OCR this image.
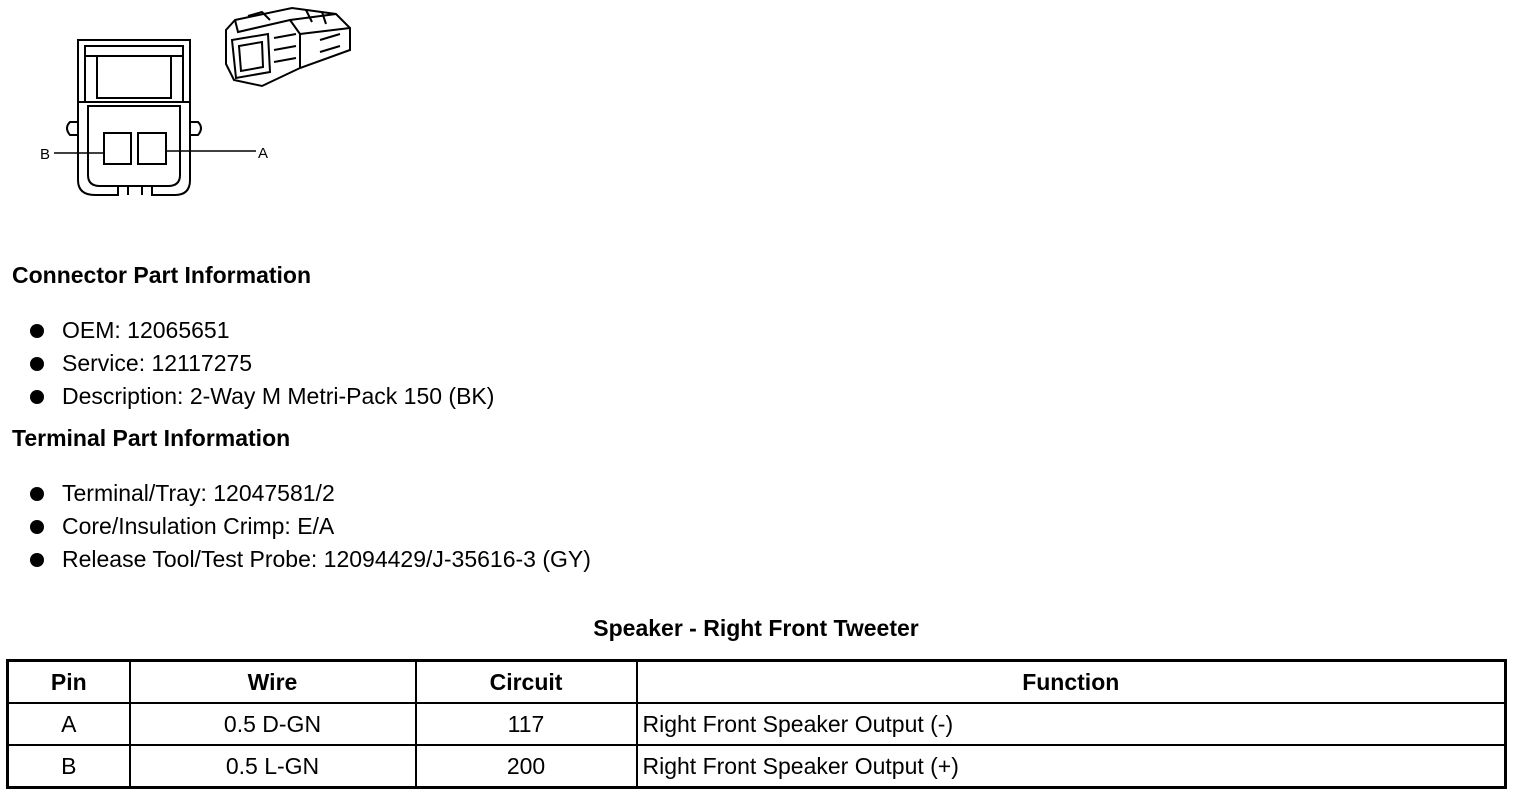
B	A
Connector Part Information
OEM: 12065651
Service: 12117275
Description: 2-Way M Metri-Pack 150 (BK)
Terminal Part Information
Terminal/Tray: 12047581/2
Core/Insulation Crimp: E/A
Release Tool/Test Probe: 12094429/J-35616-3 (GY)
Speaker - Right Front Tweeter
Pin	Wire	Circuit	Function
A	0.5 D-GN	117	Right Front Speaker Output (-)
B	0.5 L-GN	200	Right Front Speaker Output (+)
